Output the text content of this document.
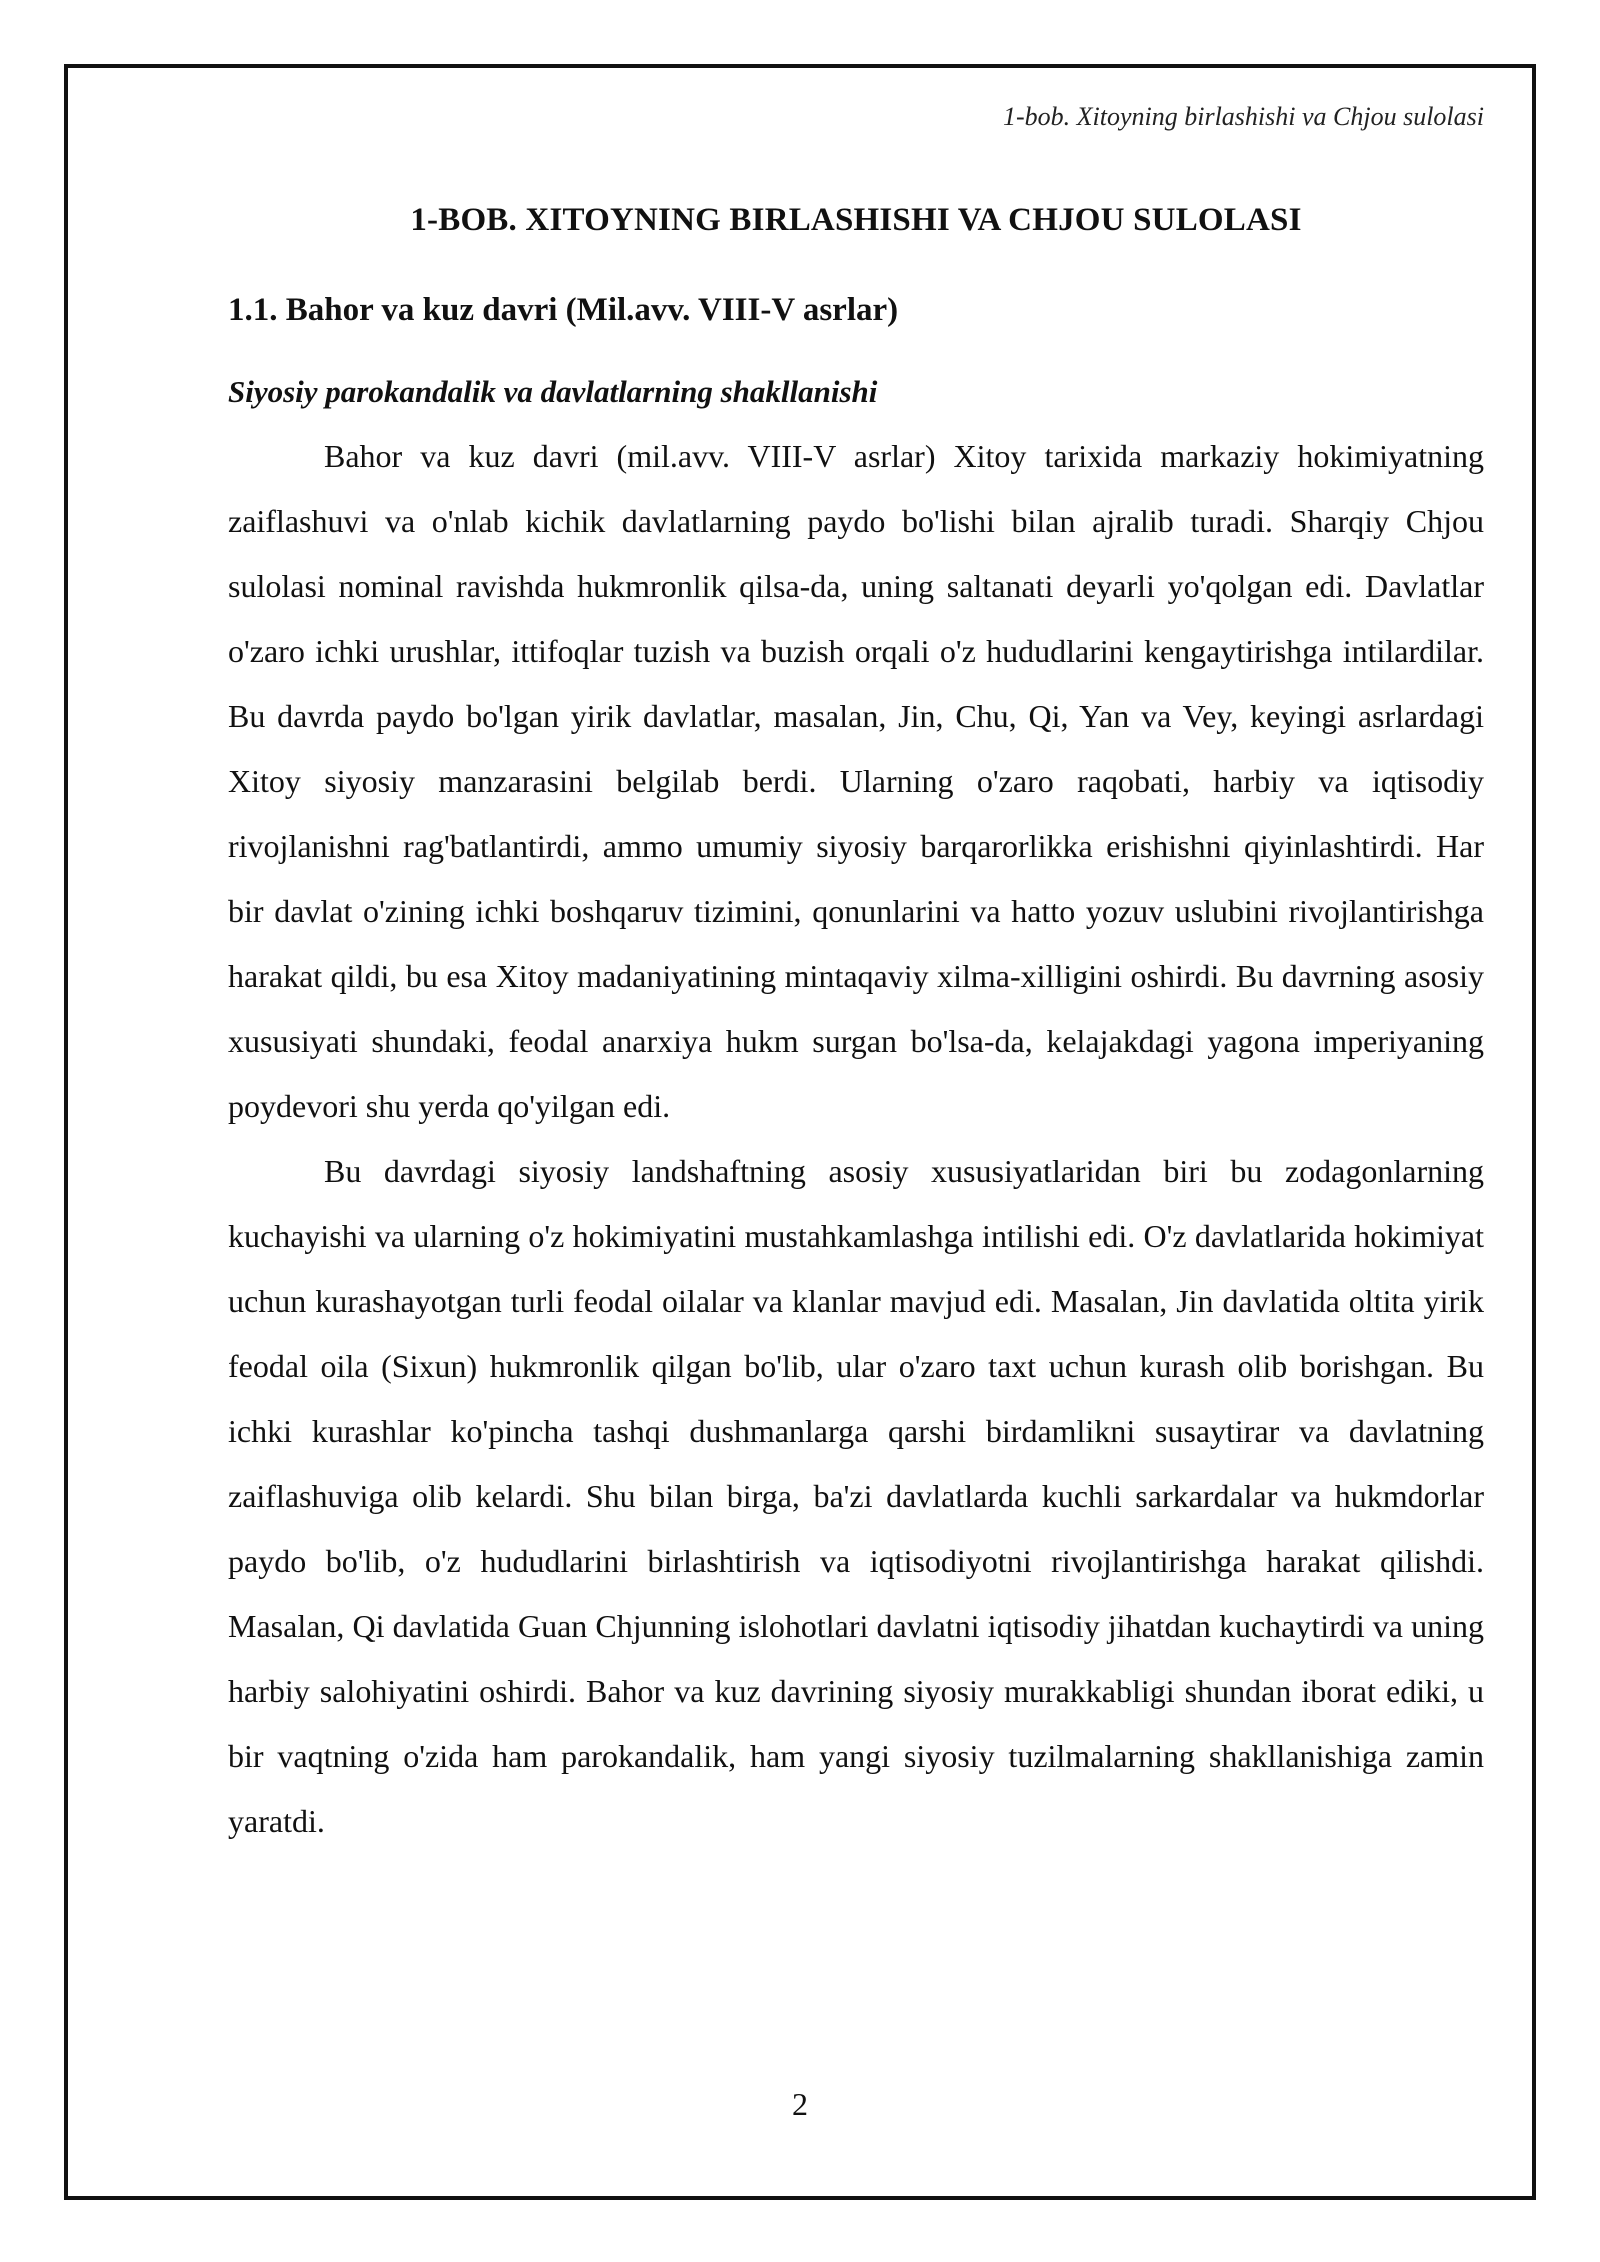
1-bob. Xitoyning birlashishi va Chjou sulolasi
1-BOB. XITOYNING BIRLASHISHI VA CHJOU SULOLASI
1.1. Bahor va kuz davri (Mil.avv. VIII-V asrlar)
Siyosiy parokandalik va davlatlarning shakllanishi

Bahor va kuz davri (mil.avv. VIII-V asrlar) Xitoy tarixida markaziy hokimiyatning zaiflashuvi va o'nlab kichik davlatlarning paydo bo'lishi bilan ajralib turadi. Sharqiy Chjou sulolasi nominal ravishda hukmronlik qilsa-da, uning saltanati deyarli yo'qolgan edi. Davlatlar o'zaro ichki urushlar, ittifoqlar tuzish va buzish orqali o'z hududlarini kengaytirishga intilardilar. Bu davrda paydo bo'lgan yirik davlatlar, masalan, Jin, Chu, Qi, Yan va Vey, keyingi asrlardagi Xitoy siyosiy manzarasini belgilab berdi. Ularning o'zaro raqobati, harbiy va iqtisodiy rivojlanishni rag'batlantirdi, ammo umumiy siyosiy barqarorlikka erishishni qiyinlashtirdi. Har bir davlat o'zining ichki boshqaruv tizimini, qonunlarini va hatto yozuv uslubini rivojlantirishga harakat qildi, bu esa Xitoy madaniyatining mintaqaviy xilma-xilligini oshirdi. Bu davrning asosiy xususiyati shundaki, feodal anarxiya hukm surgan bo'lsa-da, kelajakdagi yagona imperiyaning poydevori shu yerda qo'yilgan edi.

Bu davrdagi siyosiy landshaftning asosiy xususiyatlaridan biri bu zodagonlarning kuchayishi va ularning o'z hokimiyatini mustahkamlashga intilishi edi. O'z davlatlarida hokimiyat uchun kurashayotgan turli feodal oilalar va klanlar mavjud edi. Masalan, Jin davlatida oltita yirik feodal oila (Sixun) hukmronlik qilgan bo'lib, ular o'zaro taxt uchun kurash olib borishgan. Bu ichki kurashlar ko'pincha tashqi dushmanlarga qarshi birdamlikni susaytirar va davlatning zaiflashuviga olib kelardi. Shu bilan birga, ba'zi davlatlarda kuchli sarkardalar va hukmdorlar paydo bo'lib, o'z hududlarini birlashtirish va iqtisodiyotni rivojlantirishga harakat qilishdi. Masalan, Qi davlatida Guan Chjunning islohotlari davlatni iqtisodiy jihatdan kuchaytirdi va uning harbiy salohiyatini oshirdi. Bahor va kuz davrining siyosiy murakkabligi shundan iborat ediki, u bir vaqtning o'zida ham parokandalik, ham yangi siyosiy tuzilmalarning shakllanishiga zamin yaratdi.

2
